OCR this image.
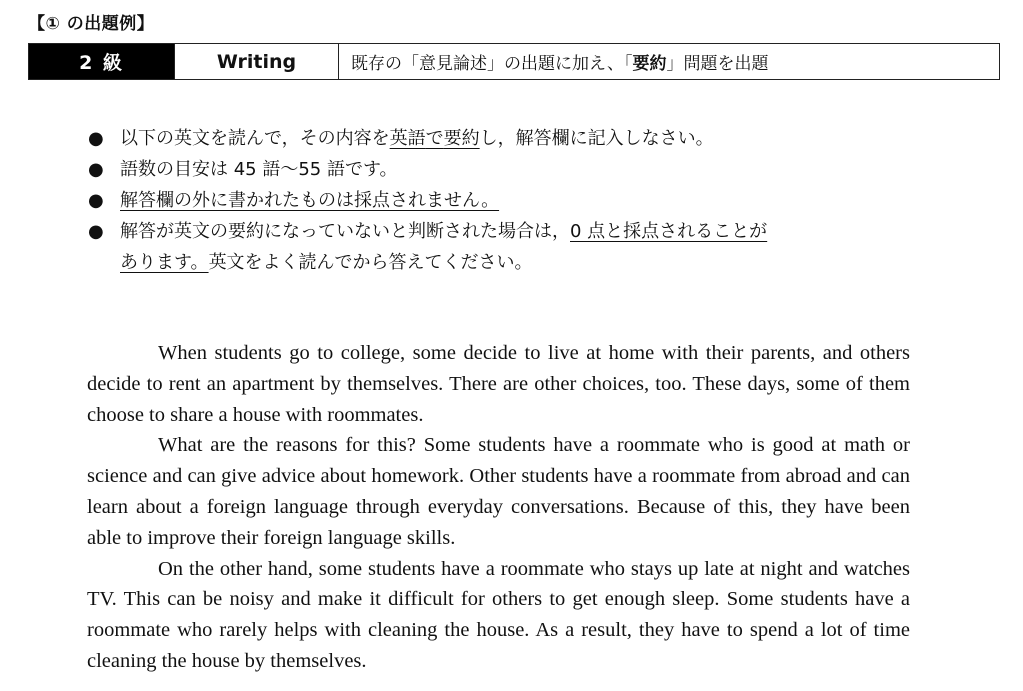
【① の出題例】
2 級	Writing	既存の「意見論述」の出題に加え、「 要約 」問題を出題
● 以下の英文を読んで，その内容を英語で要約し，解答欄に記入しなさい。
● 語数の目安は 45 語～55 語です。
● 解答欄の外に書かれたものは採点されません。
● 解答が英文の要約になっていないと判断された場合は，0 点と採点されることが
あります。英文をよく読んでから答えてください。

When students go to college, some decide to live at home with their parents, and others decide to rent an apartment by themselves. There are other choices, too. These days, some of them choose to share a house with roommates.

What are the reasons for this? Some students have a roommate who is good at math or science and can give advice about homework. Other students have a roommate from abroad and can learn about a foreign language through everyday conversations. Because of this, they have been able to improve their foreign language skills.

On the other hand, some students have a roommate who stays up late at night and watches TV. This can be noisy and make it difficult for others to get enough sleep. Some students have a roommate who rarely helps with cleaning the house. As a result, they have to spend a lot of time cleaning the house by themselves.
